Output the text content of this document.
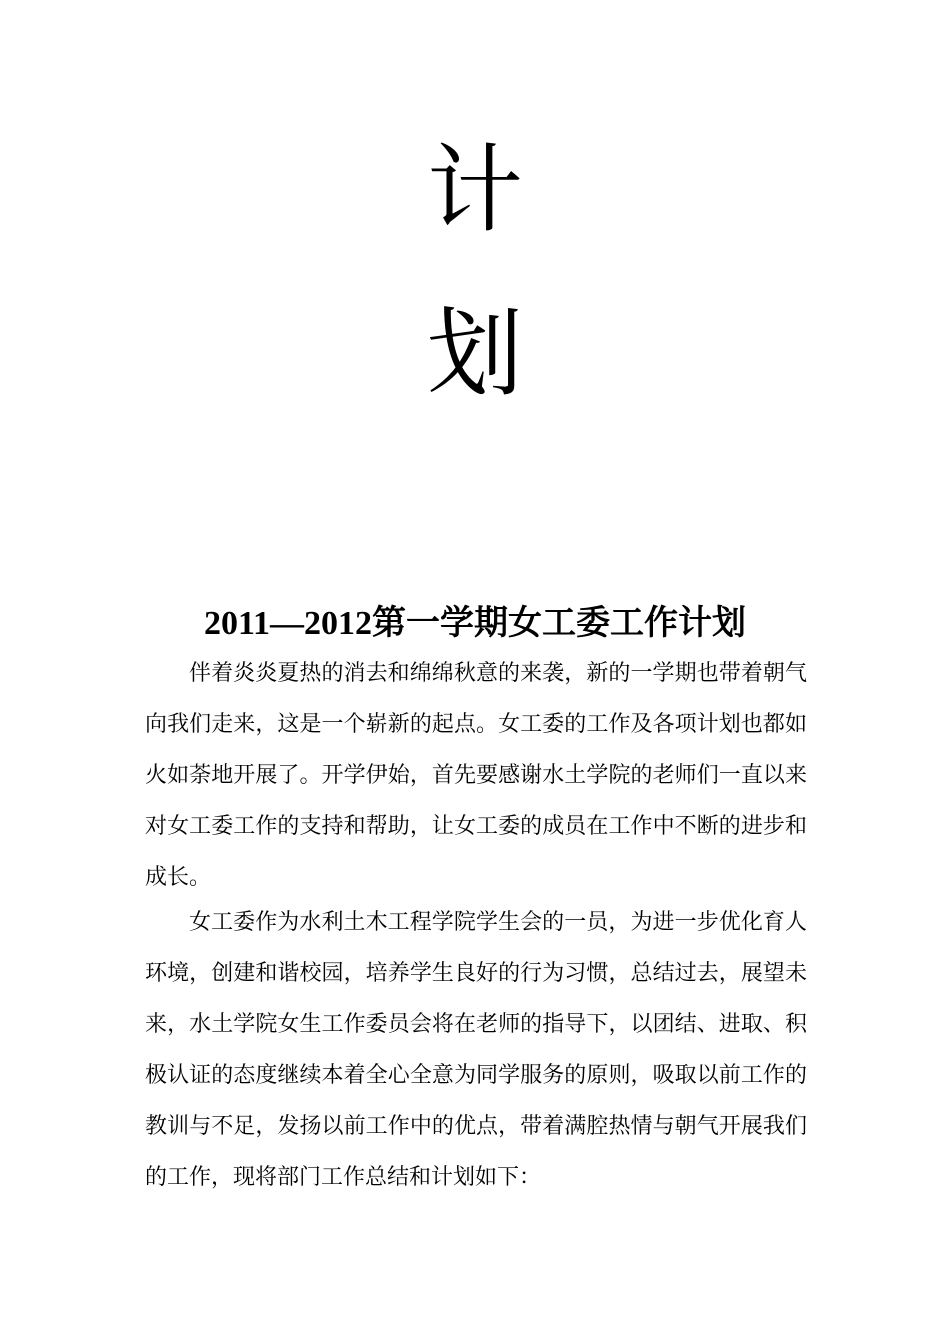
计
划
2011—2012第一学期女工委工作计划

伴着炎炎夏热的消去和绵绵秋意的来袭，新的一学期也带着朝气向我们走来，这是一个崭新的起点。女工委的工作及各项计划也都如火如荼地开展了。开学伊始，首先要感谢水土学院的老师们一直以来对女工委工作的支持和帮助，让女工委的成员在工作中不断的进步和成长。

女工委作为水利土木工程学院学生会的一员，为进一步优化育人环境，创建和谐校园，培养学生良好的行为习惯，总结过去，展望未来，水土学院女生工作委员会将在老师的指导下，以团结、进取、积极认证的态度继续本着全心全意为同学服务的原则，吸取以前工作的教训与不足，发扬以前工作中的优点，带着满腔热情与朝气开展我们的工作，现将部门工作总结和计划如下：
